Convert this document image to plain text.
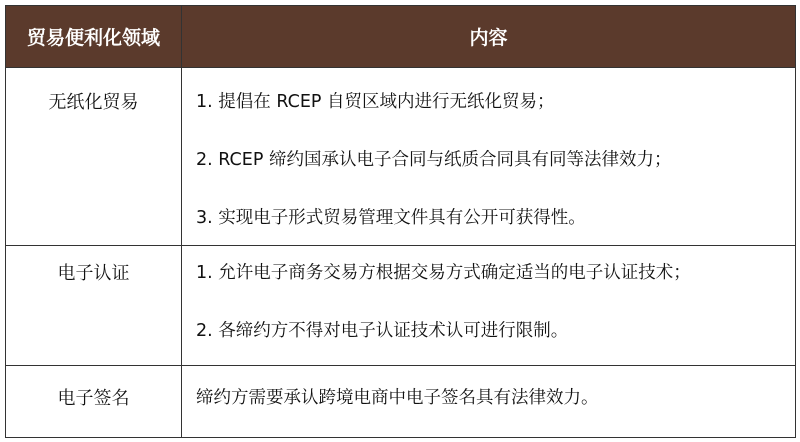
贸易便利化领域	内容

无纸化贸易	1. 提倡在 RCEP 自贸区域内进行无纸化贸易；
2. RCEP 缔约国承认电子合同与纸质合同具有同等法律效力；
3. 实现电子形式贸易管理文件具有公开可获得性。

电子认证	1. 允许电子商务交易方根据交易方式确定适当的电子认证技术；
2. 各缔约方不得对电子认证技术认可进行限制。

电子签名	缔约方需要承认跨境电商中电子签名具有法律效力。
